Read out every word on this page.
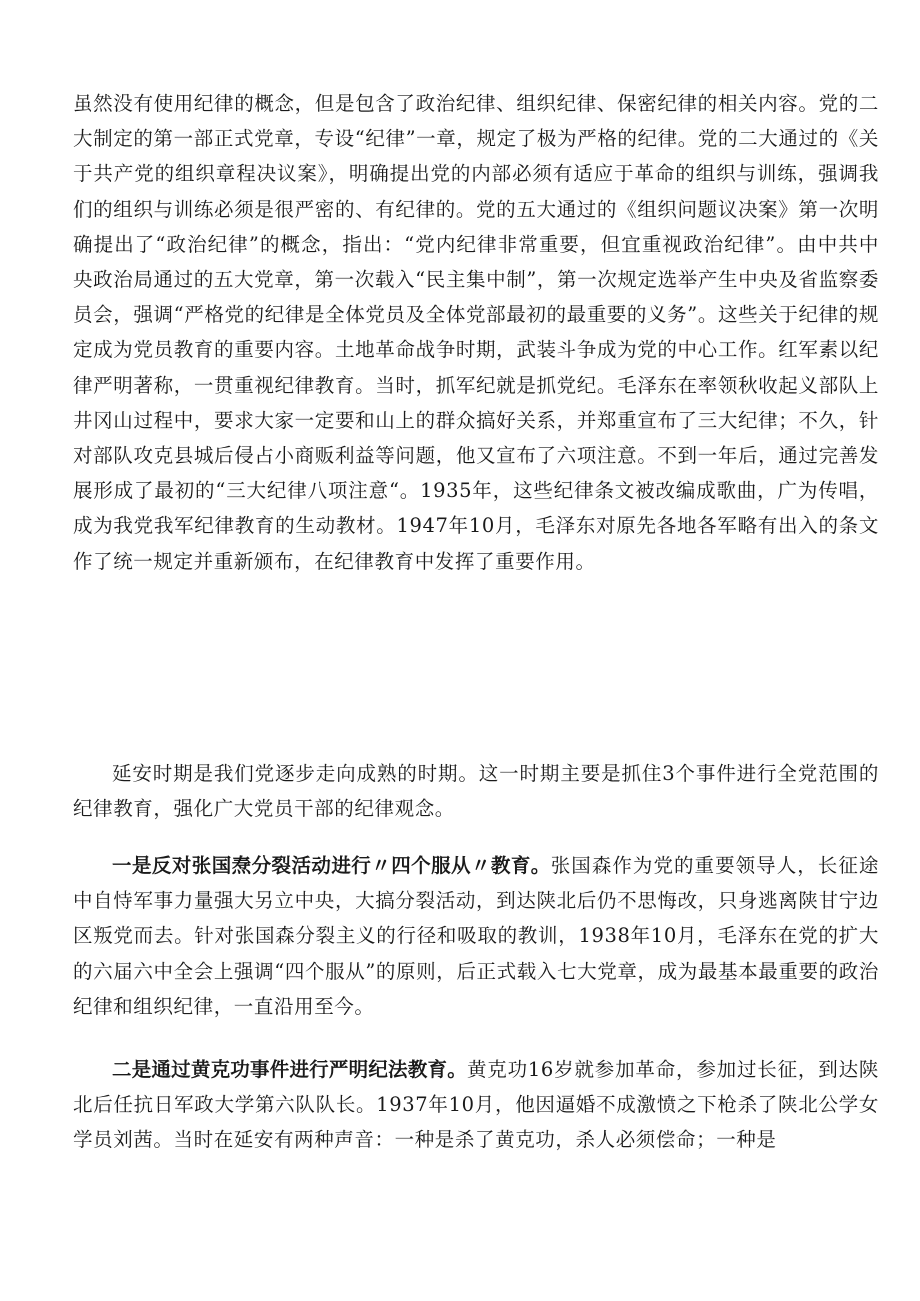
虽然没有使用纪律的概念，但是包含了政治纪律、组织纪律、保密纪律的相关内容。党的二大制定的第一部正式党章，专设“纪律”一章，规定了极为严格的纪律。党的二大通过的《关于共产党的组织章程决议案》，明确提出党的内部必须有适应于革命的组织与训练，强调我们的组织与训练必须是很严密的、有纪律的。党的五大通过的《组织问题议决案》第一次明确提出了“政治纪律”的概念，指出：“党内纪律非常重要，但宜重视政治纪律”。由中共中央政治局通过的五大党章，第一次载入“民主集中制”，第一次规定选举产生中央及省监察委员会，强调“严格党的纪律是全体党员及全体党部最初的最重要的义务”。这些关于纪律的规定成为党员教育的重要内容。土地革命战争时期，武装斗争成为党的中心工作。红军素以纪律严明著称，一贯重视纪律教育。当时，抓军纪就是抓党纪。毛泽东在率领秋收起义部队上井冈山过程中，要求大家一定要和山上的群众搞好关系，并郑重宣布了三大纪律；不久，针对部队攻克县城后侵占小商贩利益等问题，他又宣布了六项注意。不到一年后，通过完善发展形成了最初的“三大纪律八项注意“。1935年，这些纪律条文被改编成歌曲，广为传唱，成为我党我军纪律教育的生动教材。1947年10月，毛泽东对原先各地各军略有出入的条文作了统一规定并重新颁布，在纪律教育中发挥了重要作用。

延安时期是我们党逐步走向成熟的时期。这一时期主要是抓住3个事件进行全党范围的纪律教育，强化广大党员干部的纪律观念。

一是反对张国焘分裂活动进行〃四个服从〃教育。张国森作为党的重要领导人，长征途中自恃军事力量强大另立中央，大搞分裂活动，到达陕北后仍不思悔改，只身逃离陕甘宁边区叛党而去。针对张国森分裂主义的行径和吸取的教训，1938年10月，毛泽东在党的扩大的六届六中全会上强调“四个服从”的原则，后正式载入七大党章，成为最基本最重要的政治纪律和组织纪律，一直沿用至今。

二是通过黄克功事件进行严明纪法教育。黄克功16岁就参加革命，参加过长征，到达陕北后任抗日军政大学第六队队长。1937年10月，他因逼婚不成激愤之下枪杀了陕北公学女学员刘茜。当时在延安有两种声音：一种是杀了黄克功，杀人必须偿命；一种是
